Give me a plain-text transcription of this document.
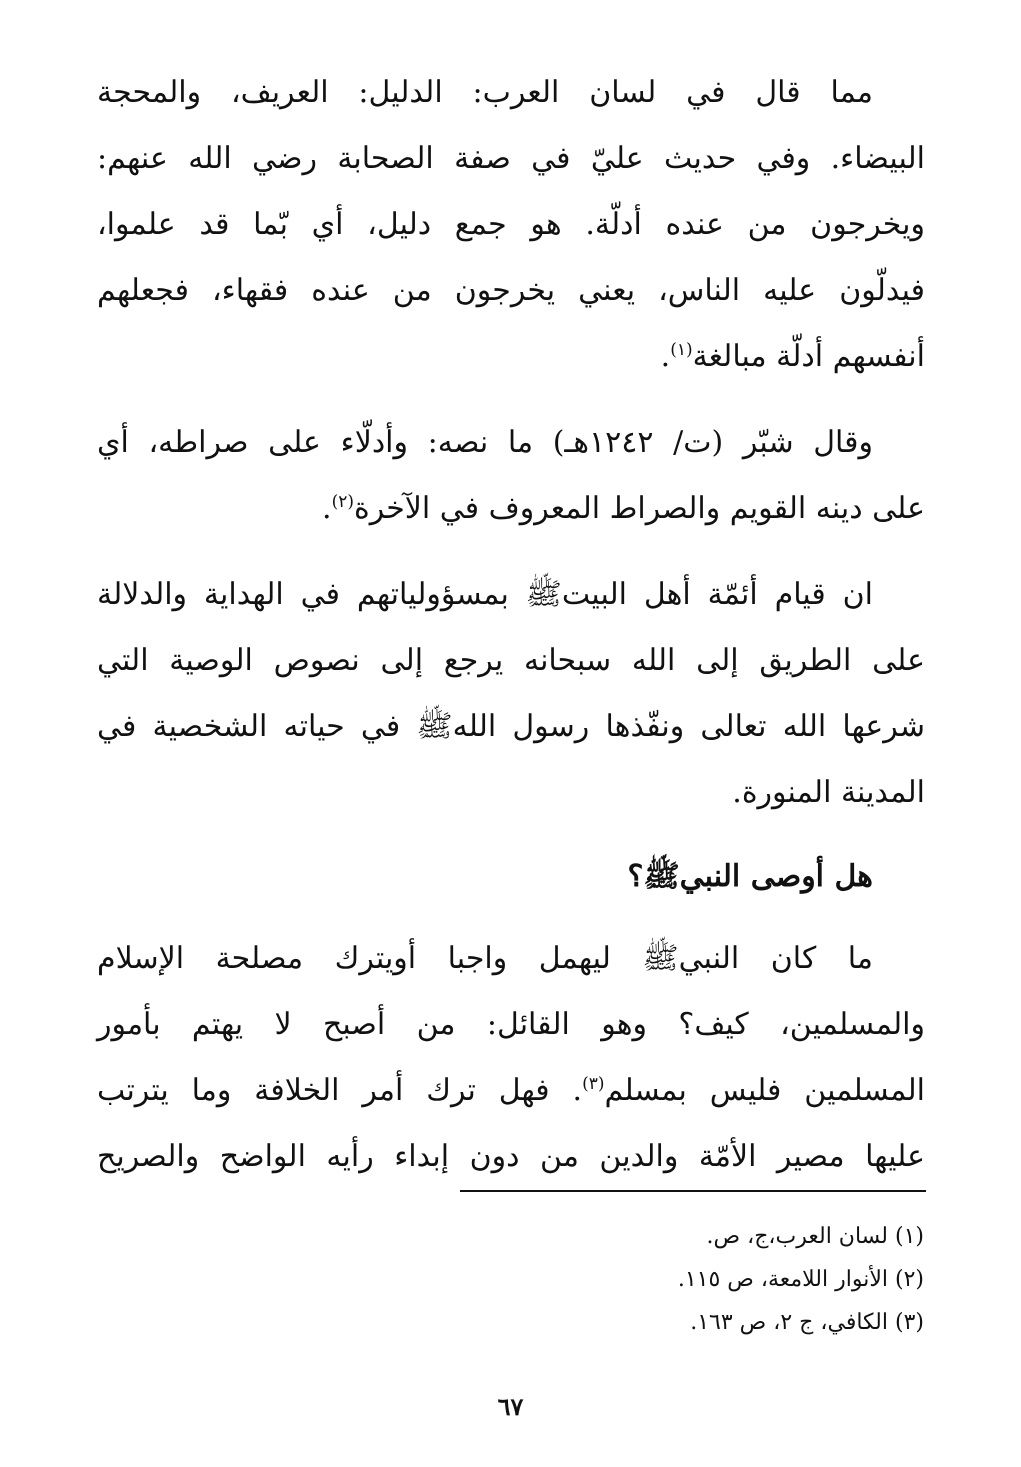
مما قال في لسان العرب: الدليل: العريف، والمحجة
البيضاء. وفي حديث عليّ في صفة الصحابة رضي الله عنهم:
ويخرجون من عنده أدلّة. هو جمع دليل، أي بّما قد علموا،
فيدلّون عليه الناس، يعني يخرجون من عنده فقهاء، فجعلهم
أنفسهم أدلّة مبالغة$^{(١)}$.

وقال شبّر (ت/ ١٢٤٢هـ) ما نصه: وأدلّاء على صراطه، أي
على دينه القويم والصراط المعروف في الآخرة$^{(٢)}$.

ان قيام أئمّة أهل البيتﷺ بمسؤولياتهم في الهداية والدلالة
على الطريق إلى الله سبحانه يرجع إلى نصوص الوصية التي
شرعها الله تعالى ونفّذها رسول اللهﷺ في حياته الشخصية في
المدينة المنورة.

هل أوصى النبيﷺ؟

ما كان النبيﷺ ليهمل واجبا أويترك مصلحة الإسلام
والمسلمين، كيف؟ وهو القائل: من أصبح لا يهتم بأمور
المسلمين فليس بمسلم$^{(٣)}$. فهل ترك أمر الخلافة وما يترتب
عليها مصير الأمّة والدين من دون إبداء رأيه الواضح والصريح

(١) لسان العرب،ج، ص.
(٢) الأنوار اللامعة، ص ١١٥.
(٣) الكافي، ج ٢، ص ١٦٣.
٦٧
